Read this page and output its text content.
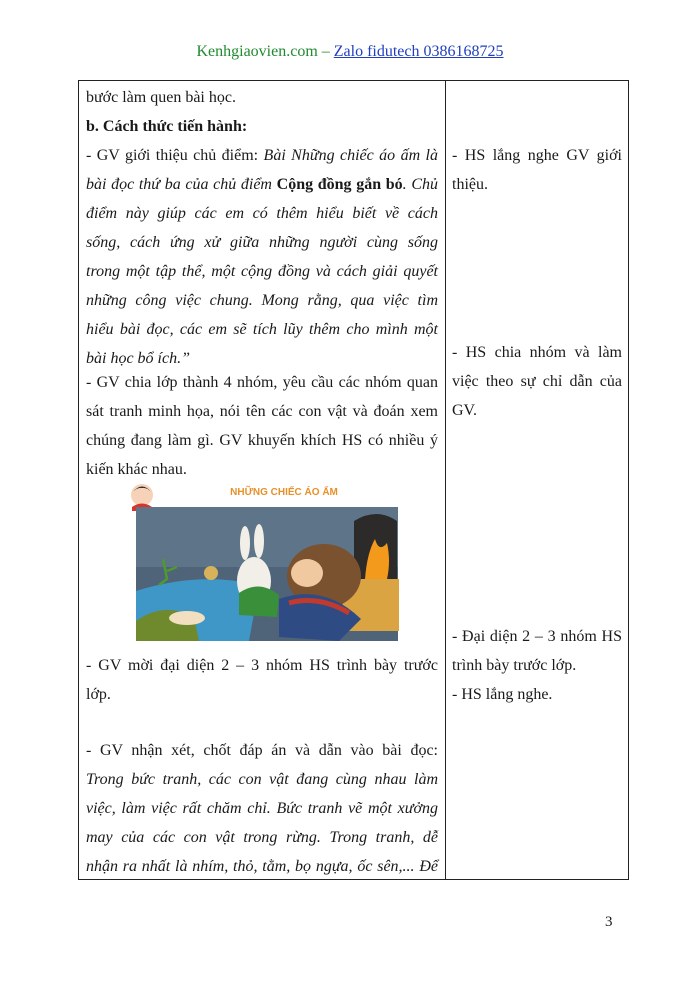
Kenhgiaovien.com – Zalo fidutech 0386168725
bước làm quen bài học.
b. Cách thức tiến hành:
- GV giới thiệu chủ điểm: Bài Những chiếc áo ấm là
bài đọc thứ ba của chủ điểm Cộng đồng gắn bó. Chủ
điểm này giúp các em có thêm hiểu biết về cách
sống, cách ứng xử giữa những người cùng sống
trong một tập thể, một cộng đồng và cách giải quyết
những công việc chung. Mong rằng, qua việc tìm
hiểu bài đọc, các em sẽ tích lũy thêm cho mình một
bài học bổ ích.”
- GV chia lớp thành 4 nhóm, yêu cầu các nhóm quan
sát tranh minh họa, nói tên các con vật và đoán xem
chúng đang làm gì. GV khuyến khích HS có nhiều ý
kiến khác nhau.
NHỮNG CHIẾC ÁO ẤM
- GV mời đại diện 2 – 3 nhóm HS trình bày trước
lớp.
- GV nhận xét, chốt đáp án và dẫn vào bài đọc:
Trong bức tranh, các con vật đang cùng nhau làm
việc, làm việc rất chăm chỉ. Bức tranh vẽ một xưởng
may của các con vật trong rừng. Trong tranh, dễ
nhận ra nhất là nhím, thỏ, tằm, bọ ngựa, ốc sên,... Để
- HS lắng nghe GV giới
thiệu.
- HS chia nhóm và làm
việc theo sự chỉ dẫn của
GV.
- Đại diện 2 – 3 nhóm HS
trình bày trước lớp.
- HS lắng nghe.
3
